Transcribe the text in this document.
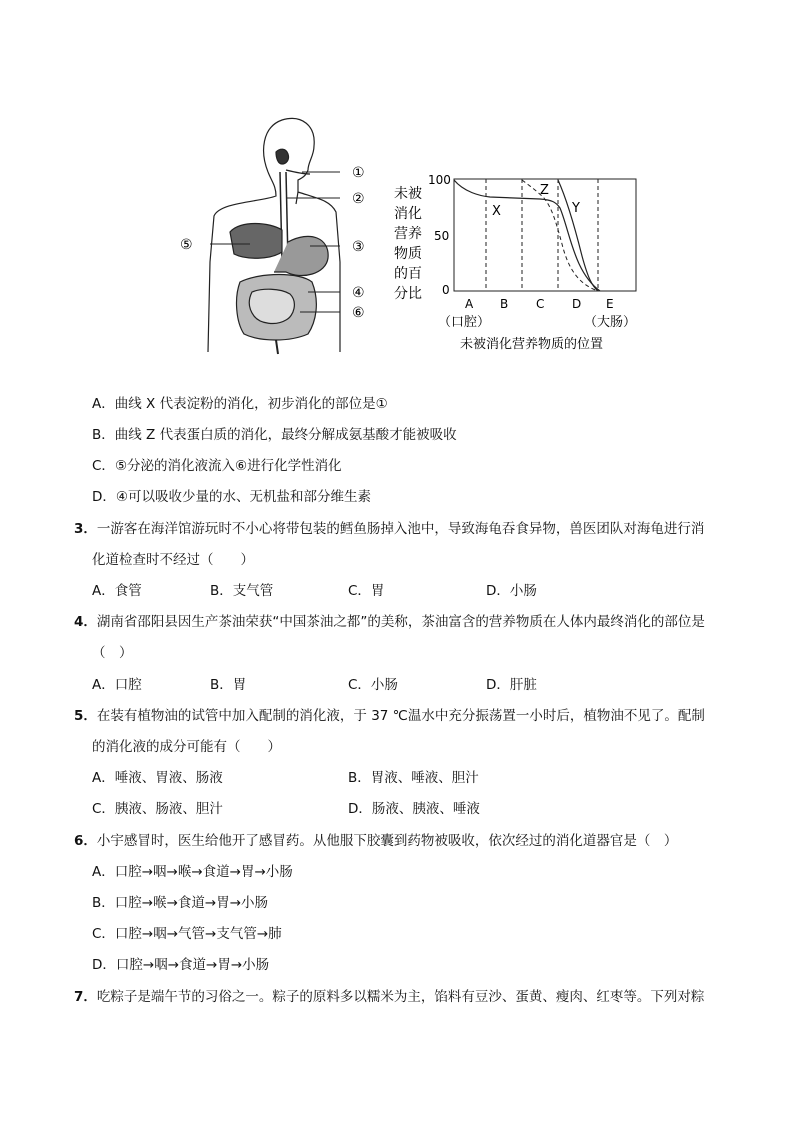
①
②
③
④
⑤
⑥
未被
消化
营养
物质
的百
分比
100
50
0
X
Z
Y
A B C D E
（口腔）	（大肠）
未被消化营养物质的位置
A．曲线 X 代表淀粉的消化，初步消化的部位是①
B．曲线 Z 代表蛋白质的消化，最终分解成氨基酸才能被吸收
C．⑤分泌的消化液流入⑥进行化学性消化
D．④可以吸收少量的水、无机盐和部分维生素
3．一游客在海洋馆游玩时不小心将带包装的鳕鱼肠掉入池中，导致海龟吞食异物，兽医团队对海龟进行消
化道检查时不经过（　　）
A．食管	B．支气管	C．胃	D．小肠
4．湖南省邵阳县因生产茶油荣获“中国茶油之都”的美称，茶油富含的营养物质在人体内最终消化的部位是
（　）
A．口腔	B．胃	C．小肠	D．肝脏
5．在装有植物油的试管中加入配制的消化液，于 37 ℃温水中充分振荡置一小时后，植物油不见了。配制
的消化液的成分可能有（　　）
A．唾液、胃液、肠液	B．胃液、唾液、胆汁
C．胰液、肠液、胆汁	D．肠液、胰液、唾液
6．小宇感冒时，医生给他开了感冒药。从他服下胶囊到药物被吸收，依次经过的消化道器官是（　）
A．口腔→咽→喉→食道→胃→小肠
B．口腔→喉→食道→胃→小肠
C．口腔→咽→气管→支气管→肺
D．口腔→咽→食道→胃→小肠
7．吃粽子是端午节的习俗之一。粽子的原料多以糯米为主，馅料有豆沙、蛋黄、瘦肉、红枣等。下列对粽
